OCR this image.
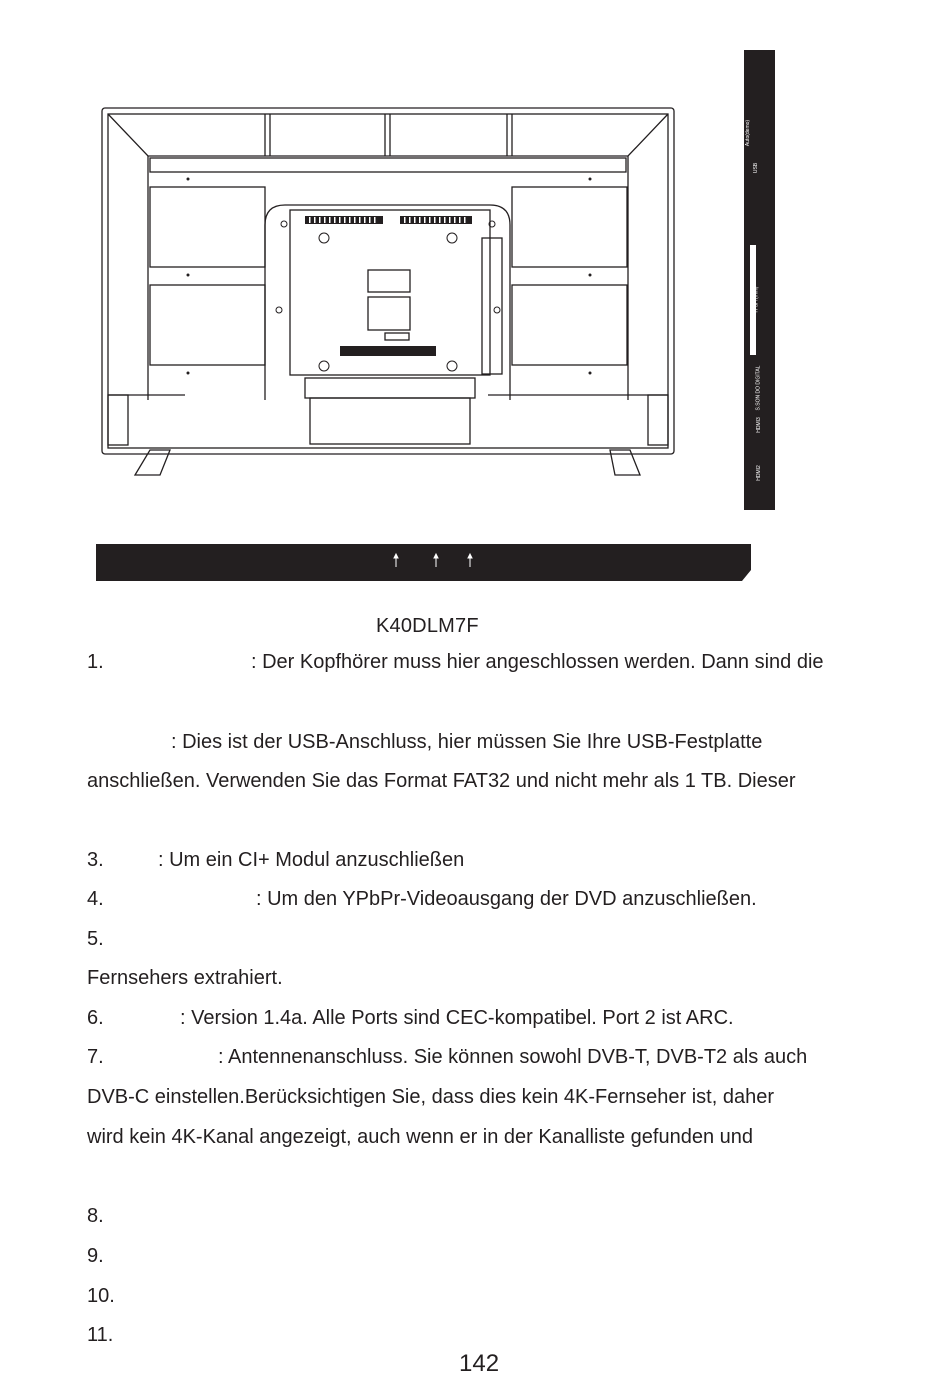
Auto(demo)
USB
YPbPr(mini)
S.SON DO DIGITAL
HDMI3
HDMI2
K40DLM7F
1.	: Der Kopfhörer muss hier angeschlossen werden. Dann sind die
: Dies ist der USB-Anschluss, hier müssen Sie Ihre USB-Festplatte
anschließen. Verwenden Sie das Format FAT32 und nicht mehr als 1 TB. Dieser
3.	: Um ein CI+ Modul anzuschließen
4.	: Um den YPbPr-Videoausgang der DVD anzuschließen.
5.
Fernsehers extrahiert.
6.	: Version 1.4a. Alle Ports sind CEC-kompatibel. Port 2 ist ARC.
7.	: Antennenanschluss. Sie können sowohl DVB-T, DVB-T2 als auch
DVB-C einstellen.Berücksichtigen Sie, dass dies kein 4K-Fernseher ist, daher
wird kein 4K-Kanal angezeigt, auch wenn er in der Kanalliste gefunden und
8.
9.
10.
11.
142
